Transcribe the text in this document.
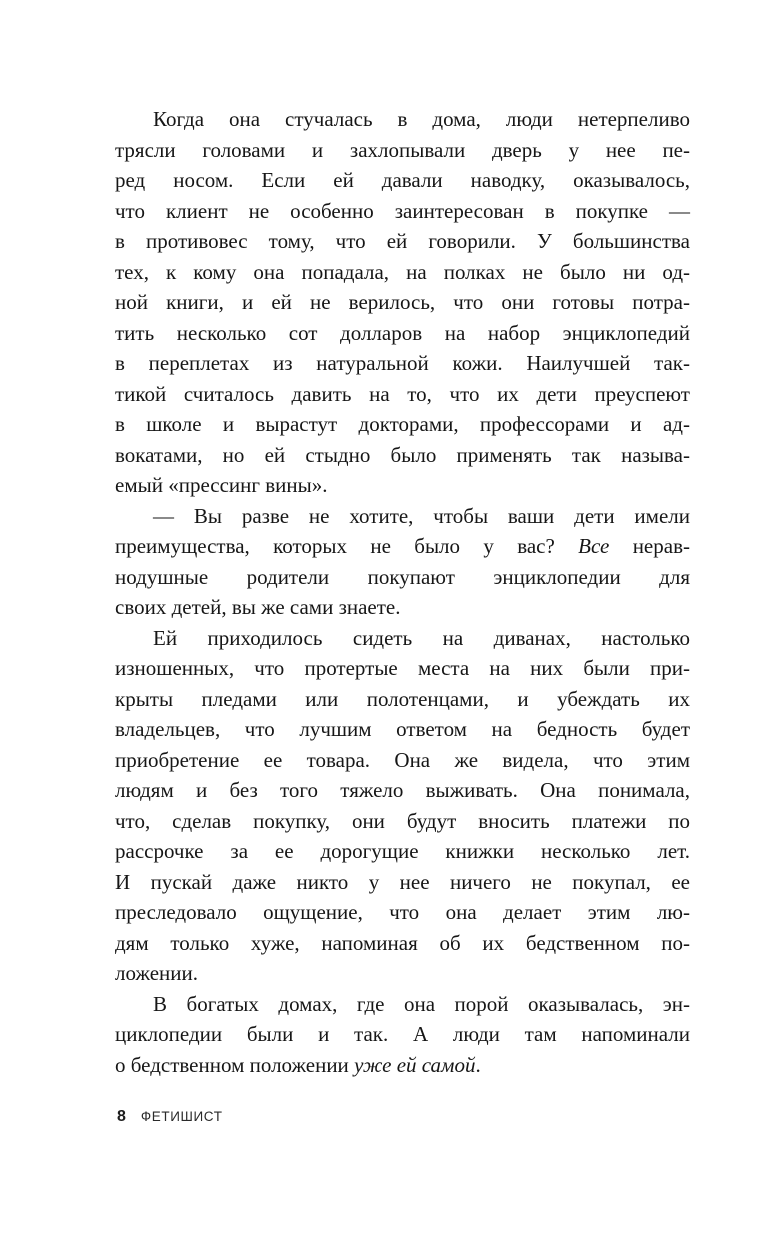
Когда она стучалась в дома, люди нетерпеливо
трясли головами и захлопывали дверь у нее пе-
ред носом. Если ей давали наводку, оказывалось,
что клиент не особенно заинтересован в покупке —
в противовес тому, что ей говорили. У большинства
тех, к кому она попадала, на полках не было ни од-
ной книги, и ей не верилось, что они готовы потра-
тить несколько сот долларов на набор энциклопедий
в переплетах из натуральной кожи. Наилучшей так-
тикой считалось давить на то, что их дети преуспеют
в школе и вырастут докторами, профессорами и ад-
вокатами, но ей стыдно было применять так называ-
емый «прессинг вины».
— Вы разве не хотите, чтобы ваши дети имели
преимущества, которых не было у вас? Все нерав-
нодушные родители покупают энциклопедии для
своих детей, вы же сами знаете.
Ей приходилось сидеть на диванах, настолько
изношенных, что протертые места на них были при-
крыты пледами или полотенцами, и убеждать их
владельцев, что лучшим ответом на бедность будет
приобретение ее товара. Она же видела, что этим
людям и без того тяжело выживать. Она понимала,
что, сделав покупку, они будут вносить платежи по
рассрочке за ее дорогущие книжки несколько лет.
И пускай даже никто у нее ничего не покупал, ее
преследовало ощущение, что она делает этим лю-
дям только хуже, напоминая об их бедственном по-
ложении.
В богатых домах, где она порой оказывалась, эн-
циклопедии были и так. А люди там напоминали
о бедственном положении уже ей самой.
8 ФЕТИШИСТ
